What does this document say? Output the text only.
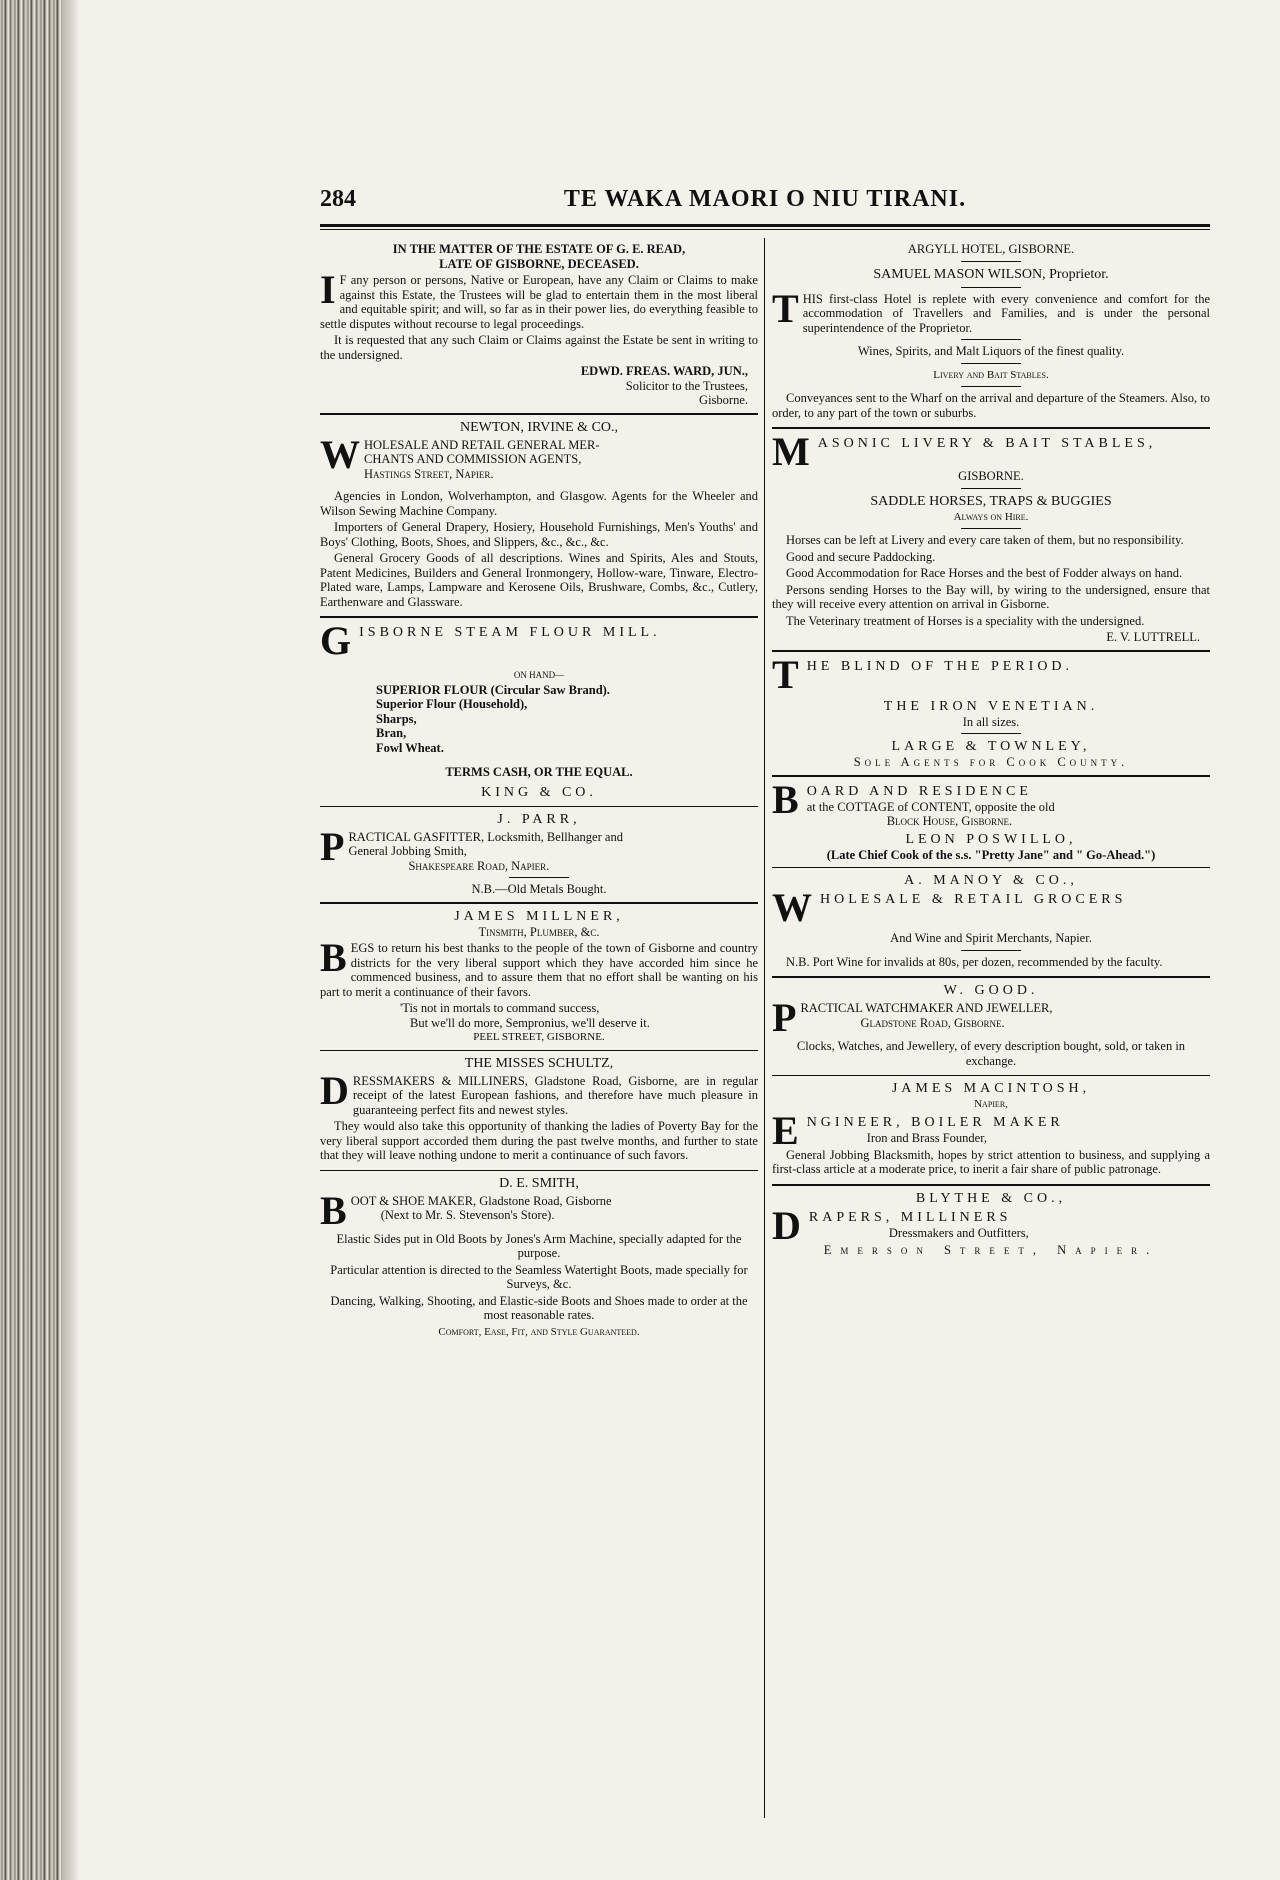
284	TE WAKA MAORI O NIU TIRANI.
IN THE MATTER OF THE ESTATE OF G. E. READ,
LATE OF GISBORNE, DECEASED.

I F any person or persons, Native or European, have any Claim or Claims to make against this Estate, the Trustees will be glad to entertain them in the most liberal and equitable spirit; and will, so far as in their power lies, do everything feasible to settle disputes without recourse to legal proceedings.

It is requested that any such Claim or Claims against the Estate be sent in writing to the undersigned.

EDWD. FREAS. WARD, JUN.,
Solicitor to the Trustees,
Gisborne.
NEWTON, IRVINE & CO.,

WHOLESALE AND RETAIL GENERAL MER-
CHANTS AND COMMISSION AGENTS,
Hastings Street, Napier.

Agencies in London, Wolverhampton, and Glasgow. Agents for the Wheeler and Wilson Sewing Machine Company.

Importers of General Drapery, Hosiery, Household Furnishings, Men's Youths' and Boys' Clothing, Boots, Shoes, and Slippers, &c., &c., &c.

General Grocery Goods of all descriptions. Wines and Spirits, Ales and Stouts, Patent Medicines, Builders and General Ironmongery, Hollow-ware, Tinware, Electro-Plated ware, Lamps, Lampware and Kerosene Oils, Brushware, Combs, &c., Cutlery, Earthenware and Glassware.

GISBORNE STEAM FLOUR MILL.

ON HAND—
SUPERIOR FLOUR (Circular Saw Brand).
Superior Flour (Household),
Sharps,
Bran,
Fowl Wheat.
TERMS CASH, OR THE EQUAL.
KING & CO.
J. PARR,

PRACTICAL GASFITTER, Locksmith, Bellhanger and
General Jobbing Smith,
Shakespeare Road, Napier.

N.B.—Old Metals Bought.
JAMES MILLNER,
Tinsmith, Plumber, &c.

BEGS to return his best thanks to the people of the town of Gisborne and country districts for the very liberal support which they have accorded him since he commenced business, and to assure them that no effort shall be wanting on his part to merit a continuance of their favors.

'Tis not in mortals to command success,
But we'll do more, Sempronius, we'll deserve it.
PEEL STREET, GISBORNE.
THE MISSES SCHULTZ,

DRESSMAKERS & MILLINERS, Gladstone Road, Gisborne, are in regular receipt of the latest European fashions, and therefore have much pleasure in guaranteeing perfect fits and newest styles.

They would also take this opportunity of thanking the ladies of Poverty Bay for the very liberal support accorded them during the past twelve months, and further to state that they will leave nothing undone to merit a continuance of such favors.

D. E. SMITH,

BOOT & SHOE MAKER, Gladstone Road, Gisborne
(Next to Mr. S. Stevenson's Store).

Elastic Sides put in Old Boots by Jones's Arm Machine, specially adapted for the purpose.

Particular attention is directed to the Seamless Watertight Boots, made specially for Surveys, &c.

Dancing, Walking, Shooting, and Elastic-side Boots and Shoes made to order at the most reasonable rates.

Comfort, Ease, Fit, and Style Guaranteed.
ARGYLL HOTEL, GISBORNE.
SAMUEL MASON WILSON, Proprietor.

THIS first-class Hotel is replete with every convenience and comfort for the accommodation of Travellers and Families, and is under the personal superintendence of the Proprietor.

Wines, Spirits, and Malt Liquors of the finest quality.
Livery and Bait Stables.

Conveyances sent to the Wharf on the arrival and departure of the Steamers. Also, to order, to any part of the town or suburbs.

MASONIC LIVERY & BAIT STABLES,

GISBORNE.
SADDLE HORSES, TRAPS & BUGGIES
Always on Hire.

Horses can be left at Livery and every care taken of them, but no responsibility.

Good and secure Paddocking.

Good Accommodation for Race Horses and the best of Fodder always on hand.

Persons sending Horses to the Bay will, by wiring to the undersigned, ensure that they will receive every attention on arrival in Gisborne.

The Veterinary treatment of Horses is a speciality with the undersigned.

E. V. LUTTRELL.

THE BLIND OF THE PERIOD.

THE IRON VENETIAN.
In all sizes.
LARGE & TOWNLEY,
Sole Agents for Cook County.

BOARD AND RESIDENCE
at the COTTAGE of CONTENT, opposite the old
Block House, Gisborne.

LEON POSWILLO,
(Late Chief Cook of the s.s. "Pretty Jane" and " Go-Ahead.")
A. MANOY & CO.,

WHOLESALE & RETAIL GROCERS

And Wine and Spirit Merchants, Napier.

N.B. Port Wine for invalids at 80s, per dozen, recommended by the faculty.

W. GOOD.

PRACTICAL WATCHMAKER AND JEWELLER,
Gladstone Road, Gisborne.

Clocks, Watches, and Jewellery, of every description bought, sold, or taken in exchange.

JAMES MACINTOSH,
Napier,

ENGINEER, BOILER MAKER
Iron and Brass Founder,

General Jobbing Blacksmith, hopes by strict attention to business, and supplying a first-class article at a moderate price, to inerit a fair share of public patronage.

BLYTHE & CO.,

DRAPERS, MILLINERS
Dressmakers and Outfitters,

Emerson Street, Napier.
